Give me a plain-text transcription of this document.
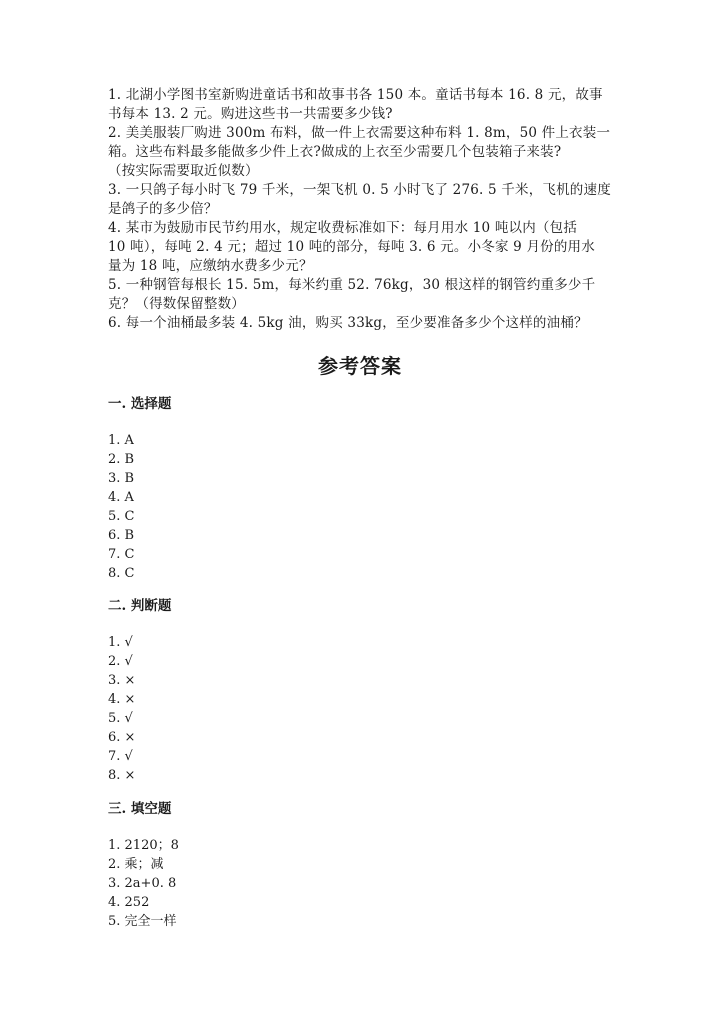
1. 北湖小学图书室新购进童话书和故事书各 150 本。童话书每本 16. 8 元，故事

书每本 13. 2 元。购进这些书一共需要多少钱?

2. 美美服装厂购进 300m 布料，做一件上衣需要这种布料 1. 8m，50 件上衣装一

箱。这些布料最多能做多少件上衣?做成的上衣至少需要几个包装箱子来装?

（按实际需要取近似数）

3. 一只鸽子每小时飞 79 千米，一架飞机 0. 5 小时飞了 276. 5 千米，飞机的速度

是鸽子的多少倍？

4. 某市为鼓励市民节约用水，规定收费标准如下：每月用水 10 吨以内（包括

10 吨），每吨 2. 4 元；超过 10 吨的部分，每吨 3. 6 元。小冬家 9 月份的用水

量为 18 吨，应缴纳水费多少元？

5. 一种钢管每根长 15. 5m，每米约重 52. 76kg，30 根这样的钢管约重多少千

克？（得数保留整数）

6. 每一个油桶最多装 4. 5kg 油，购买 33kg，至少要准备多少个这样的油桶？

参考答案
一. 选择题
1. A
2. B
3. B
4. A
5. C
6. B
7. C
8. C
二. 判断题
1. √
2. √
3. ×
4. ×
5. √
6. ×
7. √
8. ×
三. 填空题
1. 2120；8
2. 乘；减
3. 2a+0. 8
4. 252
5. 完全一样
